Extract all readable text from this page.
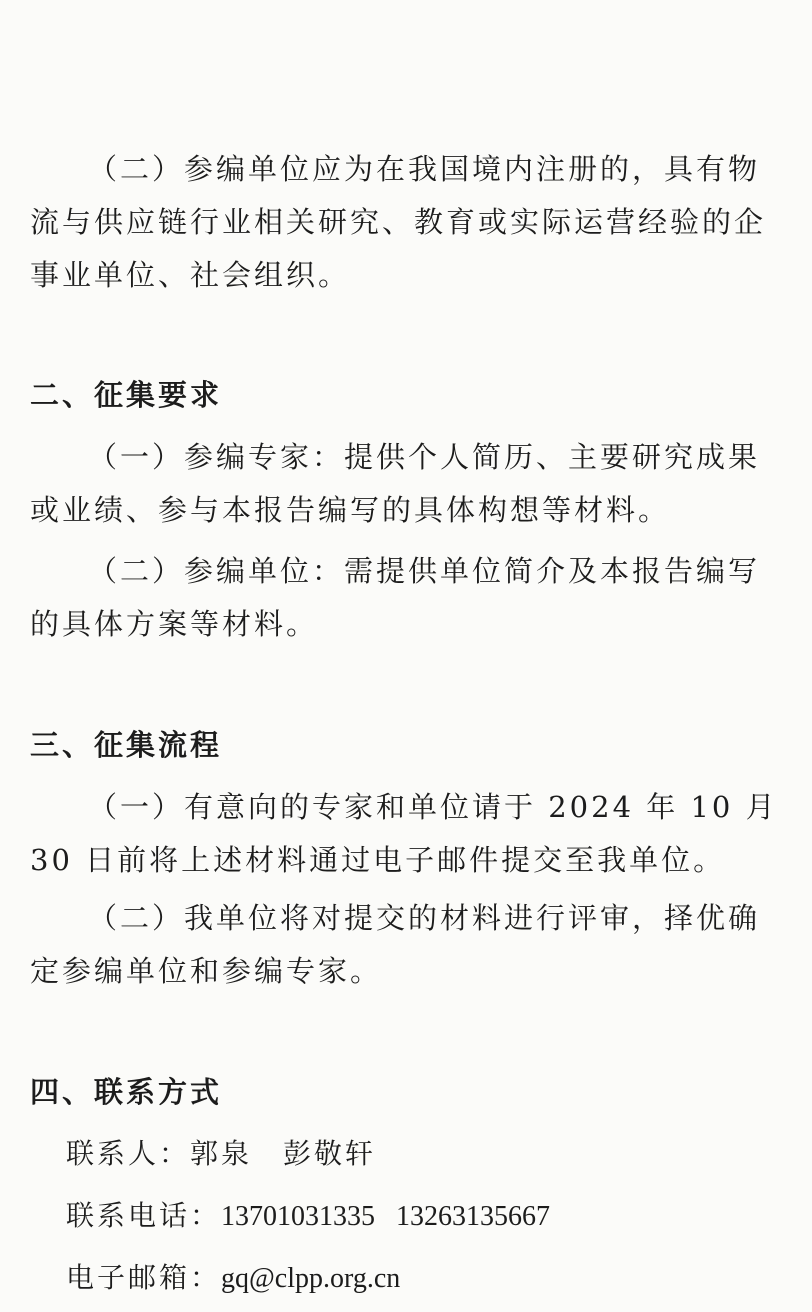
（二）参编单位应为在我国境内注册的，具有物流与供应链行业相关研究、教育或实际运营经验的企事业单位、社会组织。

二、征集要求

（一）参编专家：提供个人简历、主要研究成果或业绩、参与本报告编写的具体构想等材料。

（二）参编单位：需提供单位简介及本报告编写的具体方案等材料。

三、征集流程

（一）有意向的专家和单位请于 2024 年 10 月 30 日前将上述材料通过电子邮件提交至我单位。

（二）我单位将对提交的材料进行评审，择优确定参编单位和参编专家。

四、联系方式
联系人：郭泉　彭敬轩
联系电话：13701031335 13263135667
电子邮箱：gq@clpp.org.cn
